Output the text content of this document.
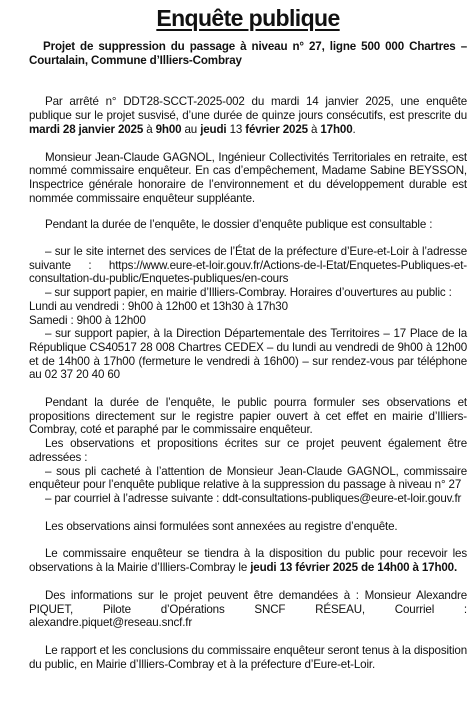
Enquête publique

Projet de suppression du passage à niveau n° 27, ligne 500 000 Chartres – Courtalain, Commune d’Illiers-Combray

Par arrêté n° DDT28-SCCT-2025-002 du mardi 14 janvier 2025, une enquête publique sur le projet susvisé, d’une durée de quinze jours consécutifs, est prescrite du mardi 28 janvier 2025 à 9h00 au jeudi 13 février 2025 à 17h00.

Monsieur Jean-Claude GAGNOL, Ingénieur Collectivités Territoriales en retraite, est nommé commissaire enquêteur. En cas d’empêchement, Madame Sabine BEYSSON, Inspectrice générale honoraire de l’environnement et du développement durable est nommée commissaire enquêteur suppléante.

Pendant la durée de l’enquête, le dossier d’enquête publique est consultable :

– sur le site internet des services de l’État de la préfecture d’Eure-et-Loir à l’adresse suivante : https://www.eure-et-loir.gouv.fr/Actions-de-l-Etat/Enquetes-Publiques-et-consultation-du-public/Enquetes-publiques/en-cours

– sur support papier, en mairie d’Illiers-Combray. Horaires d’ouvertures au public :

Lundi au vendredi : 9h00 à 12h00 et 13h30 à 17h30

Samedi : 9h00 à 12h00

– sur support papier, à la Direction Départementale des Territoires – 17 Place de la République CS40517 28 008 Chartres CEDEX – du lundi au vendredi de 9h00 à 12h00 et de 14h00 à 17h00 (fermeture le vendredi à 16h00) – sur rendez-vous par téléphone au 02 37 20 40 60

Pendant la durée de l’enquête, le public pourra formuler ses observations et propositions directement sur le registre papier ouvert à cet effet en mairie d’Illiers-Combray, coté et paraphé par le commissaire enquêteur.

Les observations et propositions écrites sur ce projet peuvent également être adressées :

– sous pli cacheté à l’attention de Monsieur Jean-Claude GAGNOL, commissaire enquêteur pour l’enquête publique relative à la suppression du passage à niveau n° 27

– par courriel à l’adresse suivante : ddt-consultations-publiques@eure-et-loir.gouv.fr

Les observations ainsi formulées sont annexées au registre d’enquête.

Le commissaire enquêteur se tiendra à la disposition du public pour recevoir les observations à la Mairie d’Illiers-Combray le jeudi 13 février 2025 de 14h00 à 17h00.

Des informations sur le projet peuvent être demandées à : Monsieur Alexandre PIQUET, Pilote d’Opérations SNCF RÉSEAU, Courriel : alexandre.piquet@reseau.sncf.fr

Le rapport et les conclusions du commissaire enquêteur seront tenus à la disposition du public, en Mairie d’Illiers-Combray et à la préfecture d’Eure-et-Loir.
